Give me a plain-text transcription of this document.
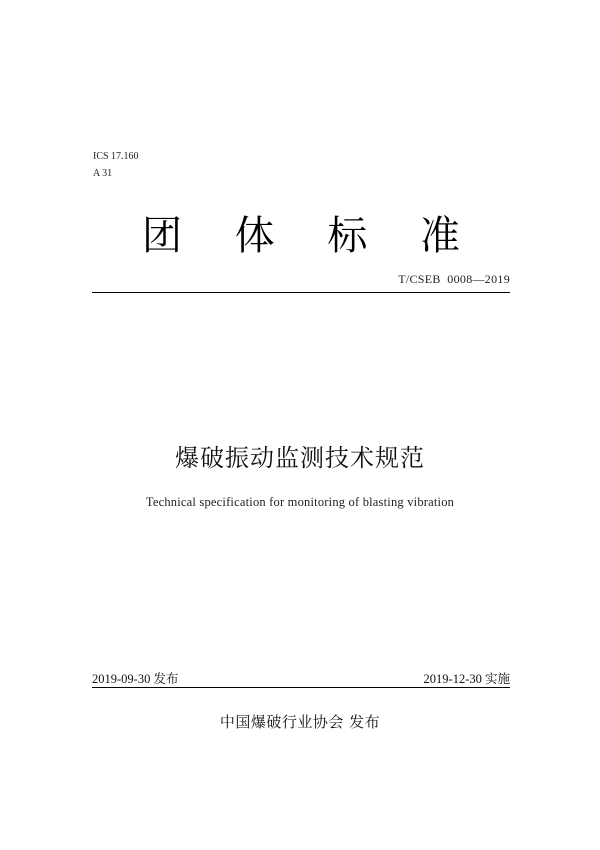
ICS 17.160
A 31
团 体 标 准
T/CSEB  0008—2019
爆破振动监测技术规范
Technical specification for monitoring of blasting vibration
2019-09-30 发布	2019-12-30 实施
中国爆破行业协会 发布
